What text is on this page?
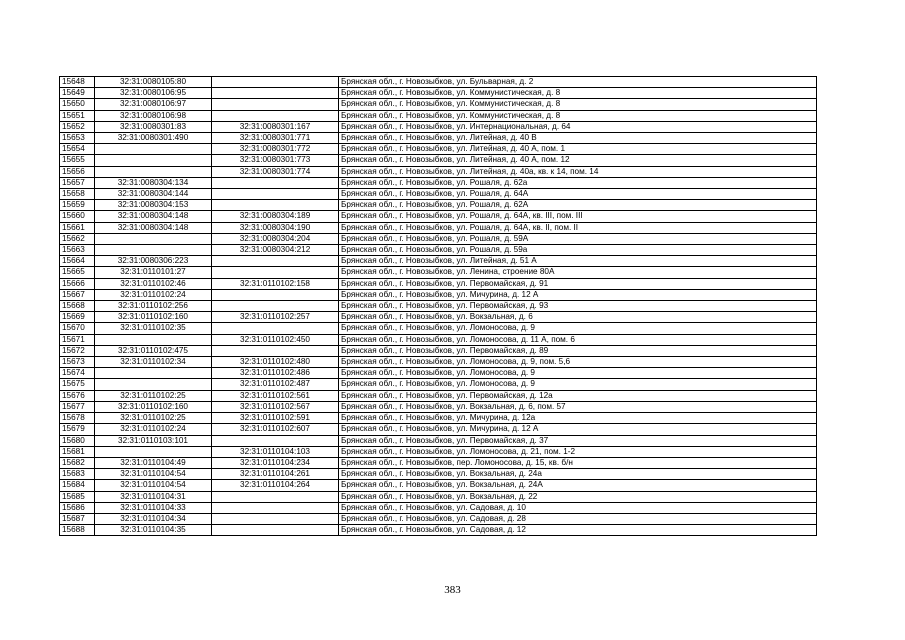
15648	32:31:0080105:80		Брянская обл., г. Новозыбков, ул. Бульварная, д. 2
15649	32:31:0080106:95		Брянская обл., г. Новозыбков, ул. Коммунистическая, д. 8
15650	32:31:0080106:97		Брянская обл., г. Новозыбков, ул. Коммунистическая, д. 8
15651	32:31:0080106:98		Брянская обл., г. Новозыбков, ул. Коммунистическая, д. 8
15652	32:31:0080301:83	32:31:0080301:167	Брянская обл., г. Новозыбков, ул. Интернациональная, д. 64
15653	32:31:0080301:490	32:31:0080301:771	Брянская обл., г. Новозыбков, ул. Литейная, д. 40 В
15654		32:31:0080301:772	Брянская обл., г. Новозыбков, ул. Литейная, д. 40 А, пом. 1
15655		32:31:0080301:773	Брянская обл., г. Новозыбков, ул. Литейная, д. 40 А, пом. 12
15656		32:31:0080301:774	Брянская обл., г. Новозыбков, ул. Литейная, д. 40а, кв. к 14, пом. 14
15657	32:31:0080304:134		Брянская обл., г. Новозыбков, ул. Рошаля, д. 62а
15658	32:31:0080304:144		Брянская обл., г. Новозыбков, ул. Рошаля, д. 64А
15659	32:31:0080304:153		Брянская обл., г. Новозыбков, ул. Рошаля, д. 62А
15660	32:31:0080304:148	32:31:0080304:189	Брянская обл., г. Новозыбков, ул. Рошаля, д. 64А, кв. III, пом. III
15661	32:31:0080304:148	32:31:0080304:190	Брянская обл., г. Новозыбков, ул. Рошаля, д. 64А, кв. II, пом. II
15662		32:31:0080304:204	Брянская обл., г. Новозыбков, ул. Рошаля, д. 59А
15663		32:31:0080304:212	Брянская обл., г. Новозыбков, ул. Рошаля, д. 59а
15664	32:31:0080306:223		Брянская обл., г. Новозыбков, ул. Литейная, д. 51 А
15665	32:31:0110101:27		Брянская обл., г. Новозыбков, ул. Ленина, строение 80А
15666	32:31:0110102:46	32:31:0110102:158	Брянская обл., г. Новозыбков, ул. Первомайская, д. 91
15667	32:31:0110102:24		Брянская обл., г. Новозыбков, ул. Мичурина, д. 12 А
15668	32:31:0110102:256		Брянская обл., г. Новозыбков, ул. Первомайская, д. 93
15669	32:31:0110102:160	32:31:0110102:257	Брянская обл., г. Новозыбков, ул. Вокзальная, д. 6
15670	32:31:0110102:35		Брянская обл., г. Новозыбков, ул. Ломоносова, д. 9
15671		32:31:0110102:450	Брянская обл., г. Новозыбков, ул. Ломоносова, д. 11 А, пом. 6
15672	32:31:0110102:475		Брянская обл., г. Новозыбков, ул. Первомайская, д. 89
15673	32:31:0110102:34	32:31:0110102:480	Брянская обл., г. Новозыбков, ул. Ломоносова, д. 9, пом. 5,6
15674		32:31:0110102:486	Брянская обл., г. Новозыбков, ул. Ломоносова, д. 9
15675		32:31:0110102:487	Брянская обл., г. Новозыбков, ул. Ломоносова, д. 9
15676	32:31:0110102:25	32:31:0110102:561	Брянская обл., г. Новозыбков, ул. Первомайская, д. 12а
15677	32:31:0110102:160	32:31:0110102:567	Брянская обл., г. Новозыбков, ул. Вокзальная, д. 6, пом. 57
15678	32:31:0110102:25	32:31:0110102:591	Брянская обл., г. Новозыбков, ул. Мичурина, д. 12а
15679	32:31:0110102:24	32:31:0110102:607	Брянская обл., г. Новозыбков, ул. Мичурина, д. 12 А
15680	32:31:0110103:101		Брянская обл., г. Новозыбков, ул. Первомайская, д. 37
15681		32:31:0110104:103	Брянская обл., г. Новозыбков, ул. Ломоносова, д. 21, пом. 1-2
15682	32:31:0110104:49	32:31:0110104:234	Брянская обл., г. Новозыбков, пер. Ломоносова, д. 15, кв. б/н
15683	32:31:0110104:54	32:31:0110104:261	Брянская обл., г. Новозыбков, ул. Вокзальная, д. 24а
15684	32:31:0110104:54	32:31:0110104:264	Брянская обл., г. Новозыбков, ул. Вокзальная, д. 24А
15685	32:31:0110104:31		Брянская обл., г. Новозыбков, ул. Вокзальная, д. 22
15686	32:31:0110104:33		Брянская обл., г. Новозыбков, ул. Садовая, д. 10
15687	32:31:0110104:34		Брянская обл., г. Новозыбков, ул. Садовая, д. 28
15688	32:31:0110104:35		Брянская обл., г. Новозыбков, ул. Садовая, д. 12
383
